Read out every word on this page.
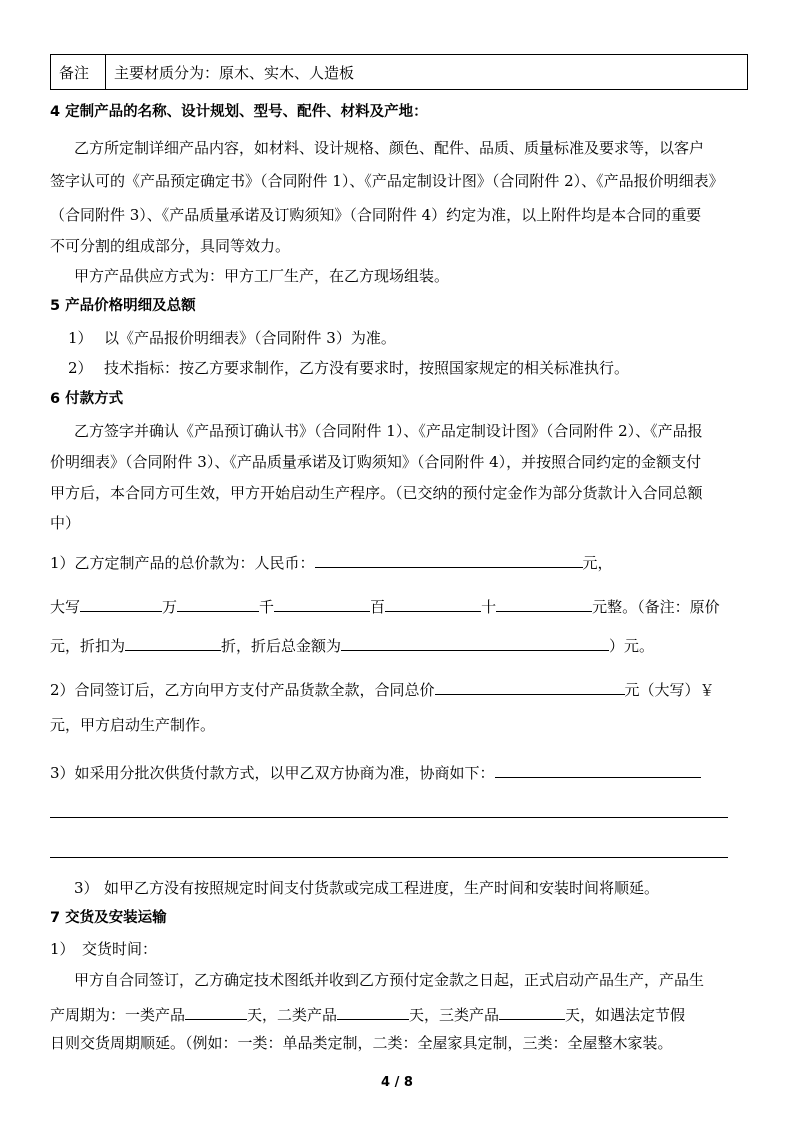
备注	主要材质分为：原木、实木、人造板
4 定制产品的名称、设计规划、型号、配件、材料及产地：
乙方所定制详细产品内容，如材料、设计规格、颜色、配件、品质、质量标准及要求等，以客户
签字认可的《产品预定确定书》（合同附件 1）、《产品定制设计图》（合同附件 2）、《产品报价明细表》
（合同附件 3）、《产品质量承诺及订购须知》（合同附件 4）约定为准，以上附件均是本合同的重要
不可分割的组成部分，具同等效力。
甲方产品供应方式为：甲方工厂生产，在乙方现场组装。
5 产品价格明细及总额
1） 以《产品报价明细表》（合同附件 3）为准。
2） 技术指标：按乙方要求制作，乙方没有要求时，按照国家规定的相关标准执行。
6 付款方式
乙方签字并确认《产品预订确认书》（合同附件 1）、《产品定制设计图》（合同附件 2）、《产品报
价明细表》（合同附件 3）、《产品质量承诺及订购须知》（合同附件 4），并按照合同约定的金额支付
甲方后，本合同方可生效，甲方开始启动生产程序。（已交纳的预付定金作为部分货款计入合同总额
中）
1）乙方定制产品的总价款为：人民币：	元，
大写	万	千	百	十	元整。（备注：原价
元，折扣为	折，折后总金额为	）元。
2）合同签订后，乙方向甲方支付产品货款全款，合同总价	元（大写）￥
元，甲方启动生产制作。
3）如采用分批次供货付款方式，以甲乙双方协商为准，协商如下：
3） 如甲乙方没有按照规定时间支付货款或完成工程进度，生产时间和安装时间将顺延。
7 交货及安装运输
1） 交货时间：
甲方自合同签订，乙方确定技术图纸并收到乙方预付定金款之日起，正式启动产品生产，产品生
产周期为：一类产品	天，二类产品	天，三类产品	天，如遇法定节假
日则交货周期顺延。（例如：一类：单品类定制，二类：全屋家具定制，三类：全屋整木家装。
4 / 8
